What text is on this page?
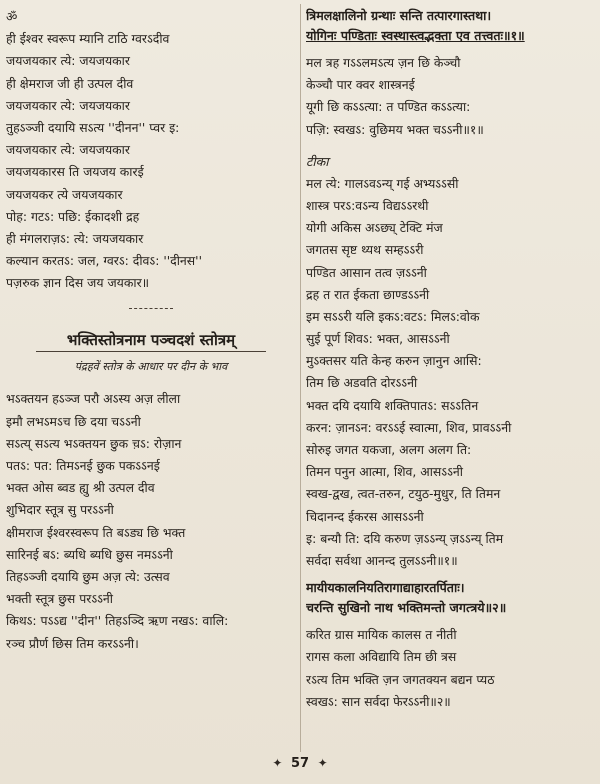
ॐ
ही ईश्वर स्वरूप म्यानि टाठि ग्वरऽदीव
जयजयकार त्ये: जयजयकार
ही क्षेमराज जी ही उत्पल दीव
जयजयकार त्ये: जयजयकार
तुहऽञ्जी दयायि सऽत्य ''दीनन'' प्वर इ:
जयजयकार त्ये: जयजयकार
जयजयकारस ति जयजय कारई
जयजयकर त्ये जयजयकार
पोह: गटऽ: पछि: ईकादशी द्रह
ही मंगलराज़ऽ: त्ये: जयजयकार
कल्यान करतऽ: जल, ग्वरऽ: दीवऽ: ''दीनस''
पज़रुक ज्ञान दिस जय जयकार॥
भक्तिस्तोत्रनाम पञ्चदशं स्तोत्रम्
पंद्रहवें स्तोत्र के आधार पर दीन के भाव
भऽक्तयन हऽञ्ज परौ अऽस्य अज़ लीला
इमौ लभऽमऽच छि दया चऽऽनी
सऽत्य् सऽत्य भऽक्तयन छुक च़ऽ: रोज़ान
पतऽ: पत: तिमऽनई छुक पकऽऽनई
भक्त ओस ब्वड ह्यु श्री उत्पल दीव
शुभिदार स्तूत्र सु परऽऽनी
क्षीमराज ईश्वरस्वरूप ति बऽड्य छि भक्त
सारिनई बऽ: ब्यधि ब्यधि छुस नमऽऽनी
तिहऽञ्जी दयायि छुम अज़ त्ये: उत्सव
भक्ती स्तूत्र छुस परऽऽनी
किथऽ: पऽऽद्य ''दीन'' तिहऽञ्दि ऋण नखऽ: वालि:
रञ्च प्रौर्ण छिस तिम करऽऽनी।
त्रिमलक्षालिनो ग्रन्थाः सन्ति तत्पारगास्तथा।
योगिनः पण्डिताः स्वस्थास्त्वद्भक्ता एव तत्त्वतः॥१॥
मल त्रह गऽऽलमऽत्य ज़न छि केञ्चौ
केञ्चौ पार क्वर शास्त्रनई
यूगी छि कऽऽत्या: त पण्डित कऽऽत्या:
पज़ि: स्वखऽ: वुछिमय भक्त चऽऽनी॥१॥
टीका
मल त्ये: गालऽवऽन्य् गई अभ्यऽऽसी
शास्त्र परऽ:वऽन्य विद्यऽऽरथी
योगी अकिस अऽछ्य् टेक्टि मंज
जगतस सृष्ट थ्यथ सम्हऽऽरी
पण्डित आसान तत्व ज़ऽऽनी
द्रह त रात ईकता छाण्डऽऽनी
इम सऽऽरी यलि इकऽ:वटऽ: मिलऽ:वोक
सुई पूर्ण शिवऽ: भक्त, आसऽऽनी
मुऽक्तसर यति केन्ह करुन ज़ानुन आसि:
तिम छि अडवति दोरऽऽनी
भक्त दयि दयायि शक्तिपातऽ: सऽऽतिन
करन: ज़ानऽन: वरऽऽई स्वात्मा, शिव, प्रावऽऽनी
सोरुइ जगत यकजा, अलग अलग ति:
तिमन पनुन आत्मा, शिव, आसऽऽनी
स्वख-द्वख, त्वत-तरुन, टयुठ-मुधुर, ति तिमन
चिदानन्द ईकरस आसऽऽनी
इ: बन्यौ ति: दयि करुण ज़ऽऽन्य् ज़ऽऽन्य् तिम
सर्वदा सर्वथा आनन्द तुलऽऽनी॥१॥
मायीयकालनियतिरागाद्याहारतर्पिताः।
चरन्ति सुखिनो नाथ भक्तिमन्तो जगत्त्रये॥२॥
करित ग्रास मायिक कालस त नीती
रागस कला अविद्यायि तिम छी त्रस
रऽत्य तिम भक्ति ज़न जगतक्यन बद्यन प्यठ
स्वखऽ: सान सर्वदा फेरऽऽनी॥२॥
✦ 57 ✦
